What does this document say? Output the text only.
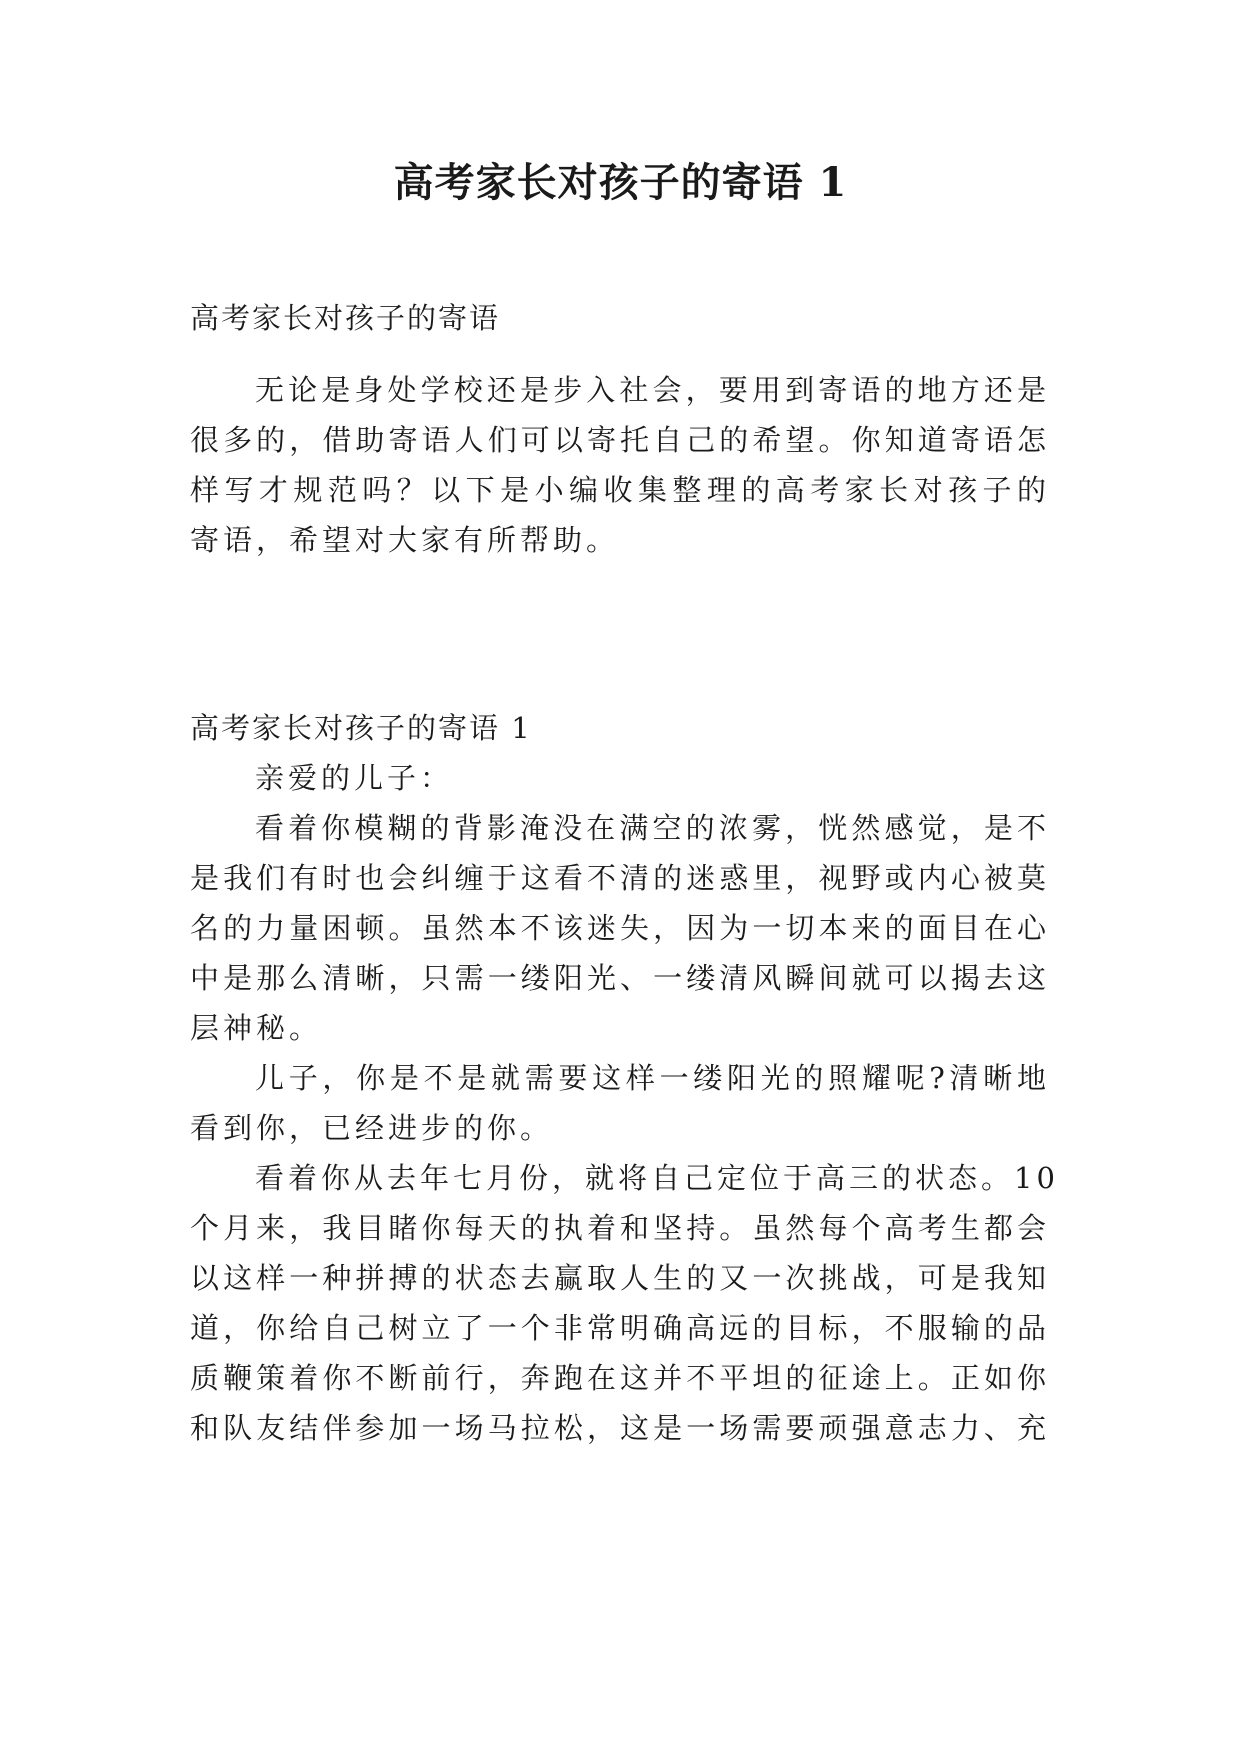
高考家长对孩子的寄语 1
高考家长对孩子的寄语
无论是身处学校还是步入社会，要用到寄语的地方还是
很多的，借助寄语人们可以寄托自己的希望。你知道寄语怎
样写才规范吗？以下是小编收集整理的高考家长对孩子的
寄语，希望对大家有所帮助。
高考家长对孩子的寄语 1
亲爱的儿子：
看着你模糊的背影淹没在满空的浓雾，恍然感觉，是不
是我们有时也会纠缠于这看不清的迷惑里，视野或内心被莫
名的力量困顿。虽然本不该迷失，因为一切本来的面目在心
中是那么清晰，只需一缕阳光、一缕清风瞬间就可以揭去这
层神秘。
儿子，你是不是就需要这样一缕阳光的照耀呢?清晰地
看到你，已经进步的你。
看着你从去年七月份，就将自己定位于高三的状态。10
个月来，我目睹你每天的执着和坚持。虽然每个高考生都会
以这样一种拼搏的状态去赢取人生的又一次挑战，可是我知
道，你给自己树立了一个非常明确高远的目标，不服输的品
质鞭策着你不断前行，奔跑在这并不平坦的征途上。正如你
和队友结伴参加一场马拉松，这是一场需要顽强意志力、充
